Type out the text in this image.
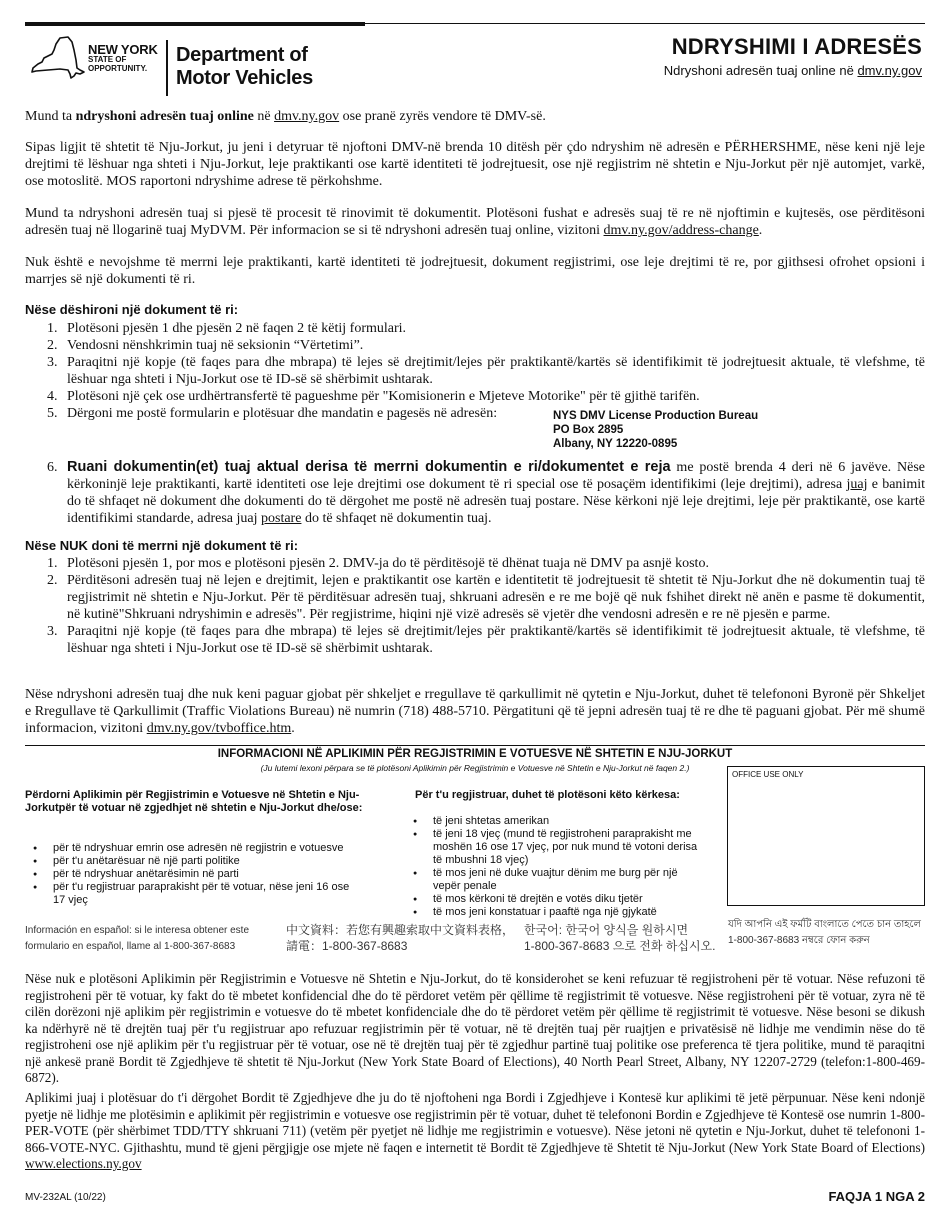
NEW YORK
STATE OF
OPPORTUNITY.
Department of
Motor Vehicles
NDRYSHIMI I ADRESËS
Ndryshoni adresën tuaj online në dmv.ny.gov

Mund ta ndryshoni adresën tuaj online në dmv.ny.gov ose pranë zyrës vendore të DMV-së.

Sipas ligjit të shtetit të Nju-Jorkut, ju jeni i detyruar të njoftoni DMV-në brenda 10 ditësh për çdo ndryshim në adresën e PËRHERSHME, nëse keni një leje drejtimi të lëshuar nga shteti i Nju-Jorkut, leje praktikanti ose kartë identiteti të jodrejtuesit, ose një regjistrim në shtetin e Nju-Jorkut për një automjet, varkë, ose motoslitë. MOS raportoni ndryshime adrese të përkohshme.

Mund ta ndryshoni adresën tuaj si pjesë të procesit të rinovimit të dokumentit. Plotësoni fushat e adresës suaj të re në njoftimin e kujtesës, ose përditësoni adresën tuaj në llogarinë tuaj MyDVM. Për informacion se si të ndryshoni adresën tuaj online, vizitoni dmv.ny.gov/address-change.

Nuk është e nevojshme të merrni leje praktikanti, kartë identiteti të jodrejtuesit, dokument regjistrimi, ose leje drejtimi të re, por gjithsesi ofrohet opsioni i marrjes së një dokumenti të ri.

Nëse dëshironi një dokument të ri:
1. Plotësoni pjesën 1 dhe pjesën 2 në faqen 2 të këtij formulari.
2. Vendosni nënshkrimin tuaj në seksionin “Vërtetimi”.
3. Paraqitni një kopje (të faqes para dhe mbrapa) të lejes së drejtimit/lejes për praktikantë/kartës së identifikimit të jodrejtuesit aktuale, të vlefshme, të lëshuar nga shteti i Nju-Jorkut ose të ID-së së shërbimit ushtarak.
4. Plotësoni një çek ose urdhërtransfertë të pagueshme për "Komisionerin e Mjeteve Motorike" për të gjithë tarifën.
5. Dërgoni me postë formularin e plotësuar dhe mandatin e pagesës në adresën:	NYS DMV License Production Bureau
PO Box 2895
Albany, NY 12220-0895
6. Ruani dokumentin(et) tuaj aktual derisa të merrni dokumentin e ri/dokumentet e reja me postë brenda 4 deri në 6 javëve. Nëse kërkoninjë leje praktikanti, kartë identiteti ose leje drejtimi ose dokument të ri special ose të posaçëm identifikimi (leje drejtimi), adresa juaj e banimit do të shfaqet në dokument dhe dokumenti do të dërgohet me postë në adresën tuaj postare. Nëse kërkoni një leje drejtimi, leje për praktikantë, ose kartë identifikimi standarde, adresa juaj postare do të shfaqet në dokumentin tuaj.
Nëse NUK doni të merrni një dokument të ri:
1. Plotësoni pjesën 1, por mos e plotësoni pjesën 2. DMV-ja do të përditësojë të dhënat tuaja në DMV pa asnjë kosto.
2. Përditësoni adresën tuaj në lejen e drejtimit, lejen e praktikantit ose kartën e identitetit të jodrejtuesit të shtetit të Nju-Jorkut dhe në dokumentin tuaj të regjistrimit në shtetin e Nju-Jorkut. Për të përditësuar adresën tuaj, shkruani adresën e re me bojë që nuk fshihet direkt në anën e pasme të dokumentit, në kutinë"Shkruani ndryshimin e adresës". Për regjistrime, hiqini një vizë adresës së vjetër dhe vendosni adresën e re në pjesën e parme.
3. Paraqitni një kopje (të faqes para dhe mbrapa) të lejes së drejtimit/lejes për praktikantë/kartës së identifikimit të jodrejtuesit aktuale, të vlefshme, të lëshuar nga shteti i Nju-Jorkut ose të ID-së së shërbimit ushtarak.

Nëse ndryshoni adresën tuaj dhe nuk keni paguar gjobat për shkeljet e rregullave të qarkullimit në qytetin e Nju-Jorkut, duhet të telefononi Byronë për Shkeljet e Rregullave të Qarkullimit (Traffic Violations Bureau) në numrin (718) 488-5710. Përgatituni që të jepni adresën tuaj të re dhe të paguani gjobat. Për më shumë informacion, vizitoni dmv.ny.gov/tvboffice.htm.

INFORMACIONI NË APLIKIMIN PËR REGJISTRIMIN E VOTUESVE NË SHTETIN E NJU-JORKUT
(Ju lutemi lexoni përpara se të plotësoni Aplikimin për Regjistrimin e Votuesve në Shtetin e Nju-Jorkut në faqen 2.)
OFFICE USE ONLY
Përdorni Aplikimin për Regjistrimin e Votuesve në Shtetin e Nju-Jorkutpër të votuar në zgjedhjet në shtetin e Nju-Jorkut dhe/ose:
● për të ndryshuar emrin ose adresën në regjistrin e votuesve
● për t'u anëtarësuar në një parti politike
● për të ndryshuar anëtarësimin në parti
● për t'u regjistruar paraprakisht për të votuar, nëse jeni 16 ose 17 vjeç
Për t'u regjistruar, duhet të plotësoni këto kërkesa:
● të jeni shtetas amerikan
● të jeni 18 vjeç (mund të regjistroheni paraprakisht me moshën 16 ose 17 vjeç, por nuk mund të votoni derisa të mbushni 18 vjeç)
● të mos jeni në duke vuajtur dënim me burg për një vepër penale
● të mos kërkoni të drejtën e votës diku tjetër
● të mos jeni konstatuar i paaftë nga një gjykatë
Información en español: si le interesa obtener este
formulario en español, llame al 1-800-367-8683
中文資料：若您有興趣索取中文資料表格，
請電：1-800-367-8683
한국어: 한국어 양식을 원하시면
1-800-367-8683 으로 전화 하십시오.
যদি আপনি এই ফর্মটি বাংলাতে পেতে চান তাহলে
1-800-367-8683 নম্বরে ফোন করুন

Nëse nuk e plotësoni Aplikimin për Regjistrimin e Votuesve në Shtetin e Nju-Jorkut, do të konsiderohet se keni refuzuar të regjistroheni për të votuar. Nëse refuzoni të regjistroheni për të votuar, ky fakt do të mbetet konfidencial dhe do të përdoret vetëm për qëllime të regjistrimit të votuesve. Nëse regjistroheni për të votuar, zyra në të cilën dorëzoni një aplikim për regjistrimin e votuesve do të mbetet konfidenciale dhe do të përdoret vetëm për qëllime të regjistrimit të votuesve. Nëse besoni se dikush ka ndërhyrë në të drejtën tuaj për t'u regjistruar apo refuzuar regjistrimin për të votuar, në të drejtën tuaj për ruajtjen e privatësisë në lidhje me vendimin nëse do të regjistroheni ose një aplikim për t'u regjistruar për të votuar, ose në të drejtën tuaj për të zgjedhur partinë tuaj politike ose preferenca të tjera politike, mund të paraqitni një ankesë pranë Bordit të Zgjedhjeve të shtetit të Nju-Jorkut (New York State Board of Elections), 40 North Pearl Street, Albany, NY 12207-2729 (telefon:1-800-469-6872).

Aplikimi juaj i plotësuar do t'i dërgohet Bordit të Zgjedhjeve dhe ju do të njoftoheni nga Bordi i Zgjedhjeve i Kontesë kur aplikimi të jetë përpunuar. Nëse keni ndonjë pyetje në lidhje me plotësimin e aplikimit për regjistrimin e votuesve ose regjistrimin për të votuar, duhet të telefononi Bordin e Zgjedhjeve të Kontesë ose numrin 1-800-PER-VOTE (për shërbimet TDD/TTY shkruani 711) (vetëm për pyetjet në lidhje me regjistrimin e votuesve). Nëse jetoni në qytetin e Nju-Jorkut, duhet të telefononi 1-866-VOTE-NYC. Gjithashtu, mund të gjeni përgjigje ose mjete në faqen e internetit të Bordit të Zgjedhjeve të Shtetit të Nju-Jorkut (New York State Board of Elections) www.elections.ny.gov

MV-232AL (10/22)	FAQJA 1 NGA 2
